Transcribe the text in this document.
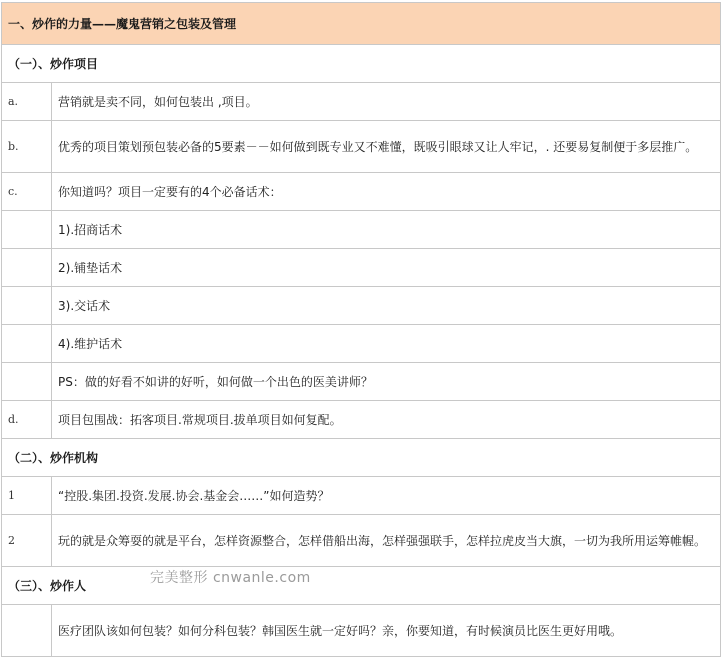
一、炒作的力量——魔鬼营销之包装及管理	
（一）、炒作项目	
a.	营销就是卖不同，如何包装出 ,项目。
b.	优秀的项目策划预包装必备的5要素－－如何做到既专业又不难懂，既吸引眼球又让人牢记，. 还要易复制便于多层推广。
c.	你知道吗？项目一定要有的4个必备话术：
	1).招商话术
	2).铺垫话术
	3).交话术
	4).维护话术
	PS：做的好看不如讲的好听，如何做一个出色的医美讲师？
d.	项目包围战：拓客项目.常规项目.拔单项目如何复配。
（二）、炒作机构	
1	“控股.集团.投资.发展.协会.基金会……”如何造势？
2	玩的就是众筹耍的就是平台，怎样资源整合，怎样借船出海，怎样强强联手，怎样拉虎皮当大旗，一切为我所用运筹帷幄。
（三）、炒作人	
	医疗团队该如何包装？如何分科包装？韩国医生就一定好吗？亲，你要知道，有时候演员比医生更好用哦。
完美整形 cnwanle.com
